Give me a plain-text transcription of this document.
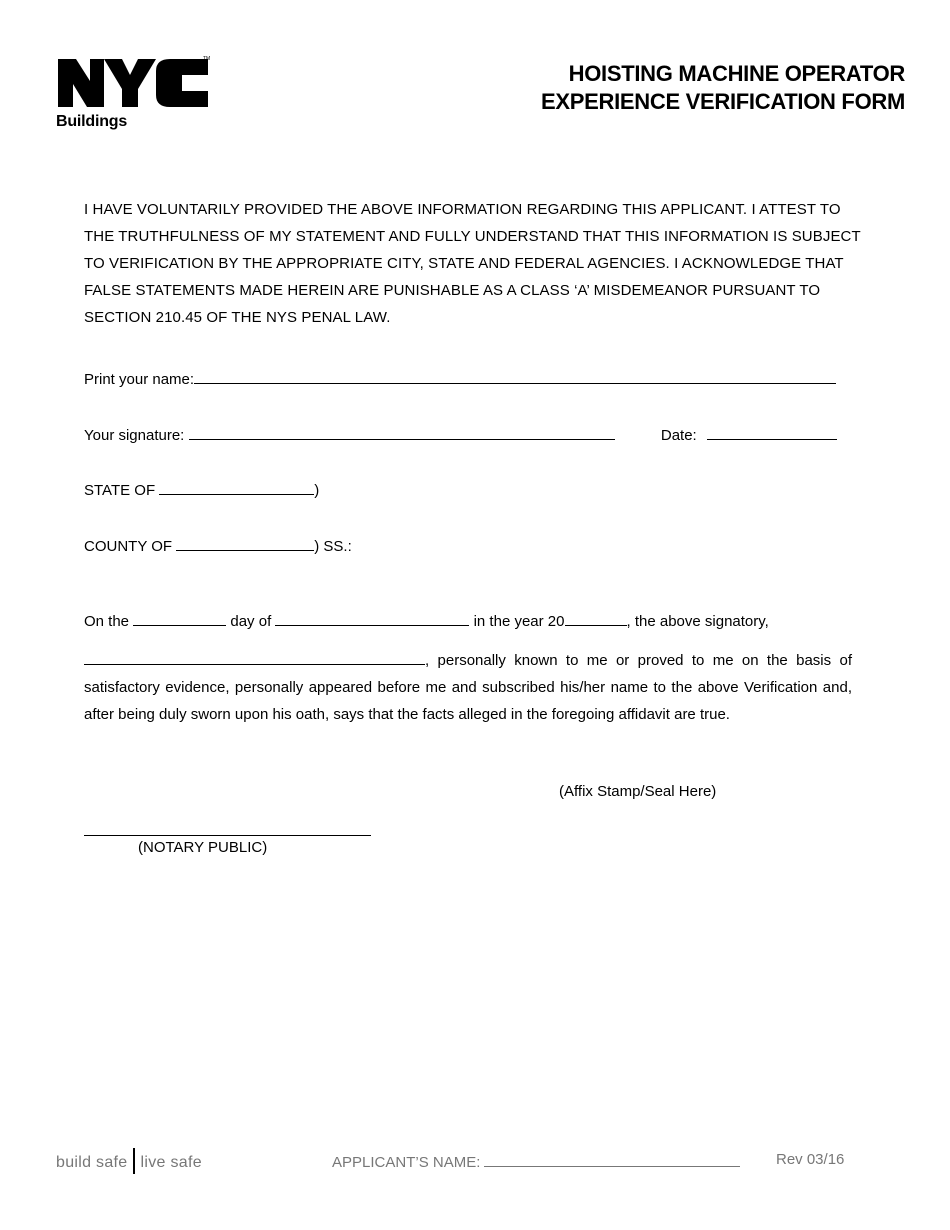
TM
Buildings
HOISTING MACHINE OPERATOR
EXPERIENCE VERIFICATION FORM
I HAVE VOLUNTARILY PROVIDED THE ABOVE INFORMATION REGARDING THIS APPLICANT. I ATTEST TO THE TRUTHFULNESS OF MY STATEMENT AND FULLY UNDERSTAND THAT THIS INFORMATION IS SUBJECT TO VERIFICATION BY THE APPROPRIATE CITY, STATE AND FEDERAL AGENCIES. I ACKNOWLEDGE THAT FALSE STATEMENTS MADE HEREIN ARE PUNISHABLE AS A CLASS ‘A’ MISDEMEANOR PURSUANT TO SECTION 210.45 OF THE NYS PENAL LAW.
Print your name:
Your signature:	Date:
STATE OF	)
COUNTY OF	) SS.:
On the	day of	in the year 20	, the above signatory,
, personally known to me or proved to me on the basis of satisfactory evidence, personally appeared before me and subscribed his/her name to the above Verification and, after being duly sworn upon his oath, says that the facts alleged in the foregoing affidavit are true.
(Affix Stamp/Seal Here)
(NOTARY PUBLIC)
build safe live safe	APPLICANT’S NAME:	Rev 03/16
